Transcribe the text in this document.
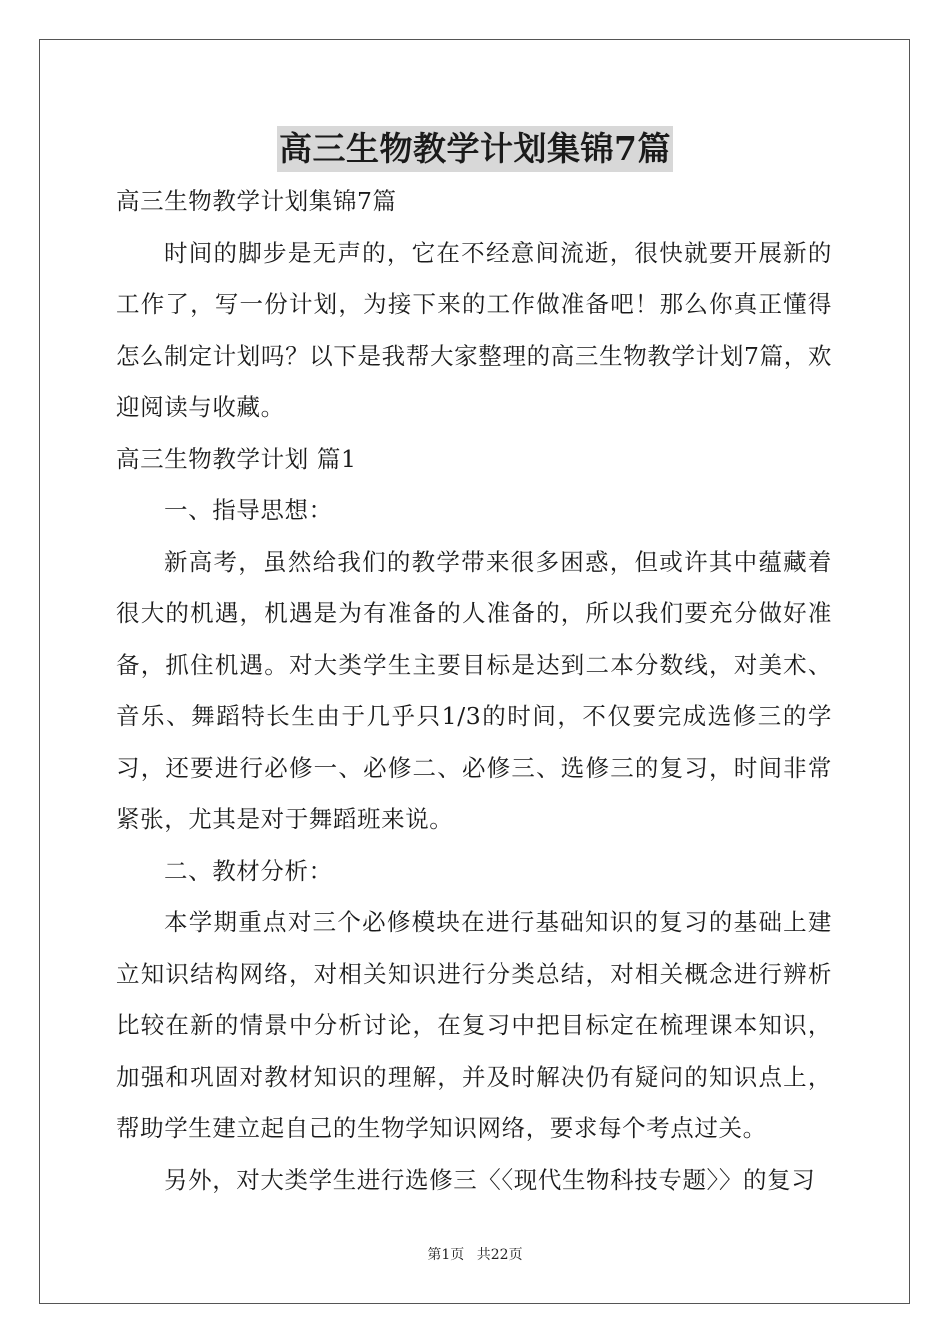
高三生物教学计划集锦7篇

高三生物教学计划集锦7篇

时间的脚步是无声的，它在不经意间流逝，很快就要开展新的工作了，写一份计划，为接下来的工作做准备吧！那么你真正懂得怎么制定计划吗？以下是我帮大家整理的高三生物教学计划7篇，欢迎阅读与收藏。

高三生物教学计划 篇1

一、指导思想：

新高考，虽然给我们的教学带来很多困惑，但或许其中蕴藏着很大的机遇，机遇是为有准备的人准备的，所以我们要充分做好准备，抓住机遇。对大类学生主要目标是达到二本分数线，对美术、音乐、舞蹈特长生由于几乎只1/3的时间，不仅要完成选修三的学习，还要进行必修一、必修二、必修三、选修三的复习，时间非常紧张，尤其是对于舞蹈班来说。

二、教材分析：

本学期重点对三个必修模块在进行基础知识的复习的基础上建立知识结构网络，对相关知识进行分类总结，对相关概念进行辨析比较在新的情景中分析讨论，在复习中把目标定在梳理课本知识，加强和巩固对教材知识的理解，并及时解决仍有疑问的知识点上，帮助学生建立起自己的生物学知识网络，要求每个考点过关。

另外，对大类学生进行选修三〈〈现代生物科技专题〉〉的复习

第1页 共22页
